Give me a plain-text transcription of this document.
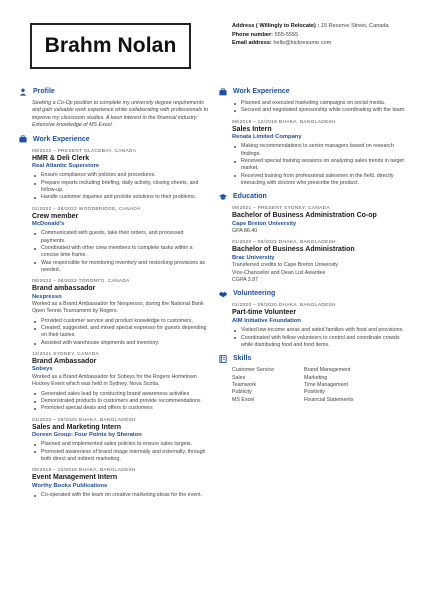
Brahm Nolan
Address ( Willingly to Relocate) : 15 Reserve Street, Canada
Phone number: 555-5555
Email address: hello@kickresume.com
Profile
Seeking a Co-Op position to complete my university degree requirements and gain valuable work experience while collaborating with professionals to improve my classroom studies. A keen interest in the financial industry. Extensive knowledge of MS Excel.
Work Experience
09/2022 – PRESENT GLACEBAY, CANADA
HMR & Deli Clerk
Real Atlantic Superstore
Ensure compliance with policies and procedures.
Prepare reports including briefing, daily activity, closing sheets, and follow-up.
Handle customer inquiries and provide solutions to their problems.
01/2022 – 08/2022 WOODBRIDGE, CANADA
Crew member
McDonald's
Communicated with guests, take their orders, and processed payments.
Coordinated with other crew members to complete tasks within a concise time frame.
Was responsible for monitoring inventory and restocking provisions as needed.
08/2022 – 08/2022 TORONTO, CANADA
Brand ambassador
Nespresso
Worked as a Brand Ambassador for Nespresso, during the National Bank Open Tennis Tournament by Rogers.
Provided customer service and product knowledge to customers.
Created, suggested, and mixed special espresso for guests depending on their tastes.
Assisted with warehouse shipments and inventory.
12/2021 SYDNEY, CANADA
Brand Ambassador
Sobeys
Worked as a Brand Ambassador for Sobeys for the Rogers Hometown Hockey Event which was held in Sydney, Nova Scotia.
Generated sales lead by conducting brand awareness activities
Demonstrated products to customers and provide recommendations
Promoted special deals and offers to customers
01/2020 – 08/2020 DHAKA, BANGLADESH
Sales and Marketing Intern
Doreen Group: Four Points by Sheraton
Planned and implemented sales policies to ensure sales targets.
Promoted awareness of brand image internally and externally, through both direct and indirect marketing.
08/2018 – 10/2018 DHAKA, BANGLADESH
Event Management Intern
Worthy Books Publications
Co-operated with the team on creative marketing ideas for the event.
Work Experience
Planned and executed marketing campaigns on social media.
Secured and negotiated sponsorship while coordinating with the team.
09/2019 – 12/2019 DHAKA, BANGLADESH
Sales Intern
Renata Limited Company
Making recommendations to senior managers based on research findings.
Received special training sessions on analyzing sales trends in target market.
Received training from professional salesmen in the field, directly interacting with doctors who prescribe the product.
Education
09/2021 – PRESENT SYDNEY, CANADA
Bachelor of Business Administration Co-op
Cape Breton University
GPA 86.40
01/2020 – 08/2021 DHAKA, BANGLADESH
Bachelor of Business Administration
Brac University
Transferred credits to Cape Breton University
Vice-Chancellor and Dean List Awardee
CGPA 3.87
Volunteering
01/2020 – 05/2020 DHAKA, BANGLADESH
Part-time Volunteer
AIM Initiative Foundation
Visited low-income areas and aided families with food and provisions.
Coordinated with fellow volunteers to control and coordinate crowds while distributing food and food items.
Skills
Customer Service
Sales
Teamwork
Publicity
MS Excel
Brand Management
Marketing
Time Management
Positivity
Financial Statements
